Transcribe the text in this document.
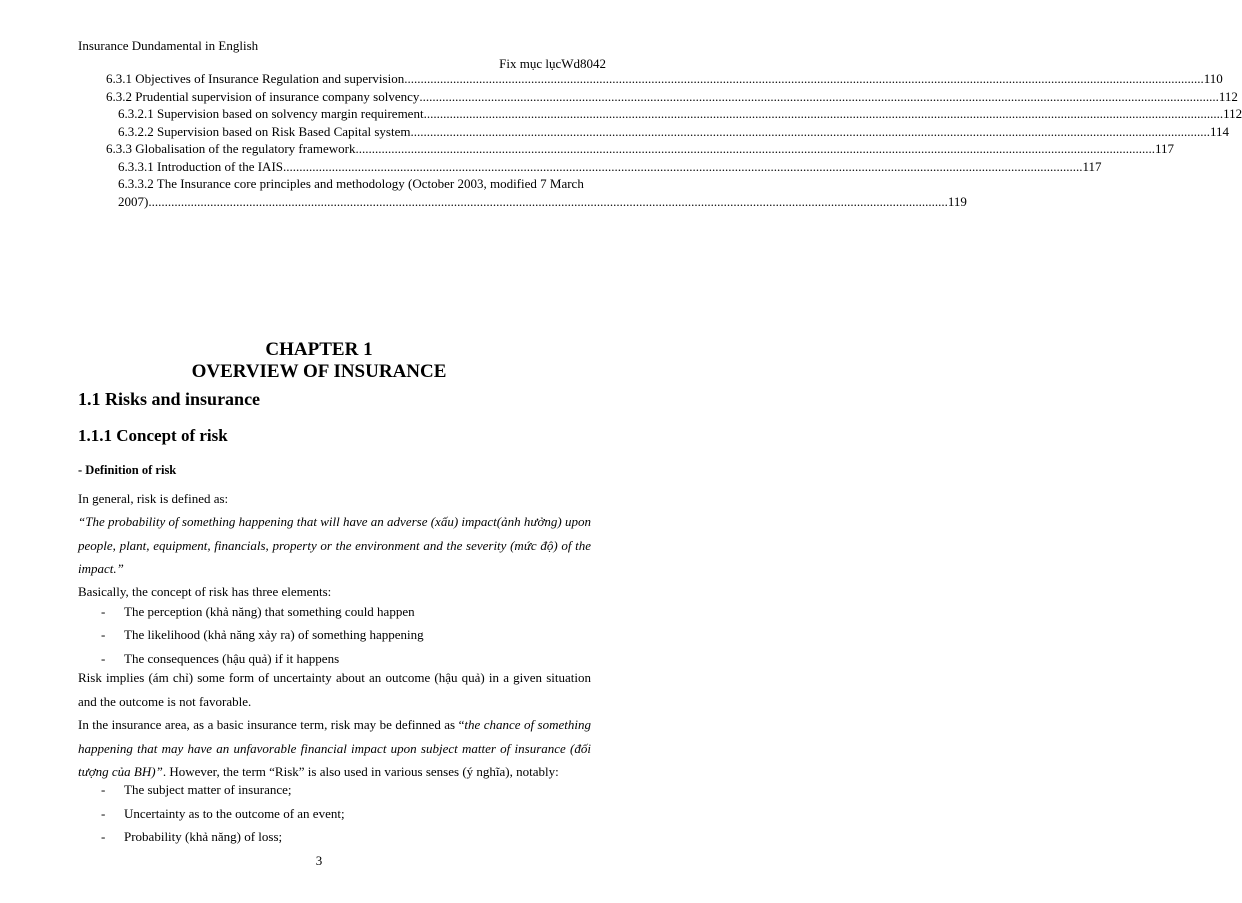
Insurance Dundamental in English
Fix mục lụcWd8042
6.3.1 Objectives of Insurance Regulation and supervision .....	110
6.3.2 Prudential supervision of insurance company solvency .....	112
6.3.2.1 Supervision based on solvency margin requirement .....	112
6.3.2.2 Supervision based on Risk Based Capital system .....	114
6.3.3 Globalisation of the regulatory framework .....	117
6.3.3.1 Introduction of the IAIS .....	117
6.3.3.2 The Insurance core principles and methodology (October 2003, modified 7 March
2007) .....	119
CHAPTER 1
OVERVIEW OF INSURANCE
1.1 Risks and insurance
1.1.1 Concept of risk
- Definition of risk
In general, risk is defined as:
“The probability of something happening that will have an adverse (xấu) impact(ảnh hưởng) upon people, plant, equipment, financials, property or the environment and the severity (mức độ) of the impact.”
Basically, the concept of risk has three elements:
- The perception (khả năng) that something could happen
- The likelihood (khả năng xảy ra) of something happening
- The consequences (hậu quả) if it happens
Risk implies (ám chỉ) some form of uncertainty about an outcome (hậu quả) in a given situation and the outcome is not favorable.
In the insurance area, as a basic insurance term, risk may be definned as “the chance of something happening that may have an unfavorable financial impact upon subject matter of insurance (đối tượng của BH)”. However, the term “Risk” is also used in various senses (ý nghĩa), notably:
- The subject matter of insurance;
- Uncertainty as to the outcome of an event;
- Probability (khả năng) of loss;
3
